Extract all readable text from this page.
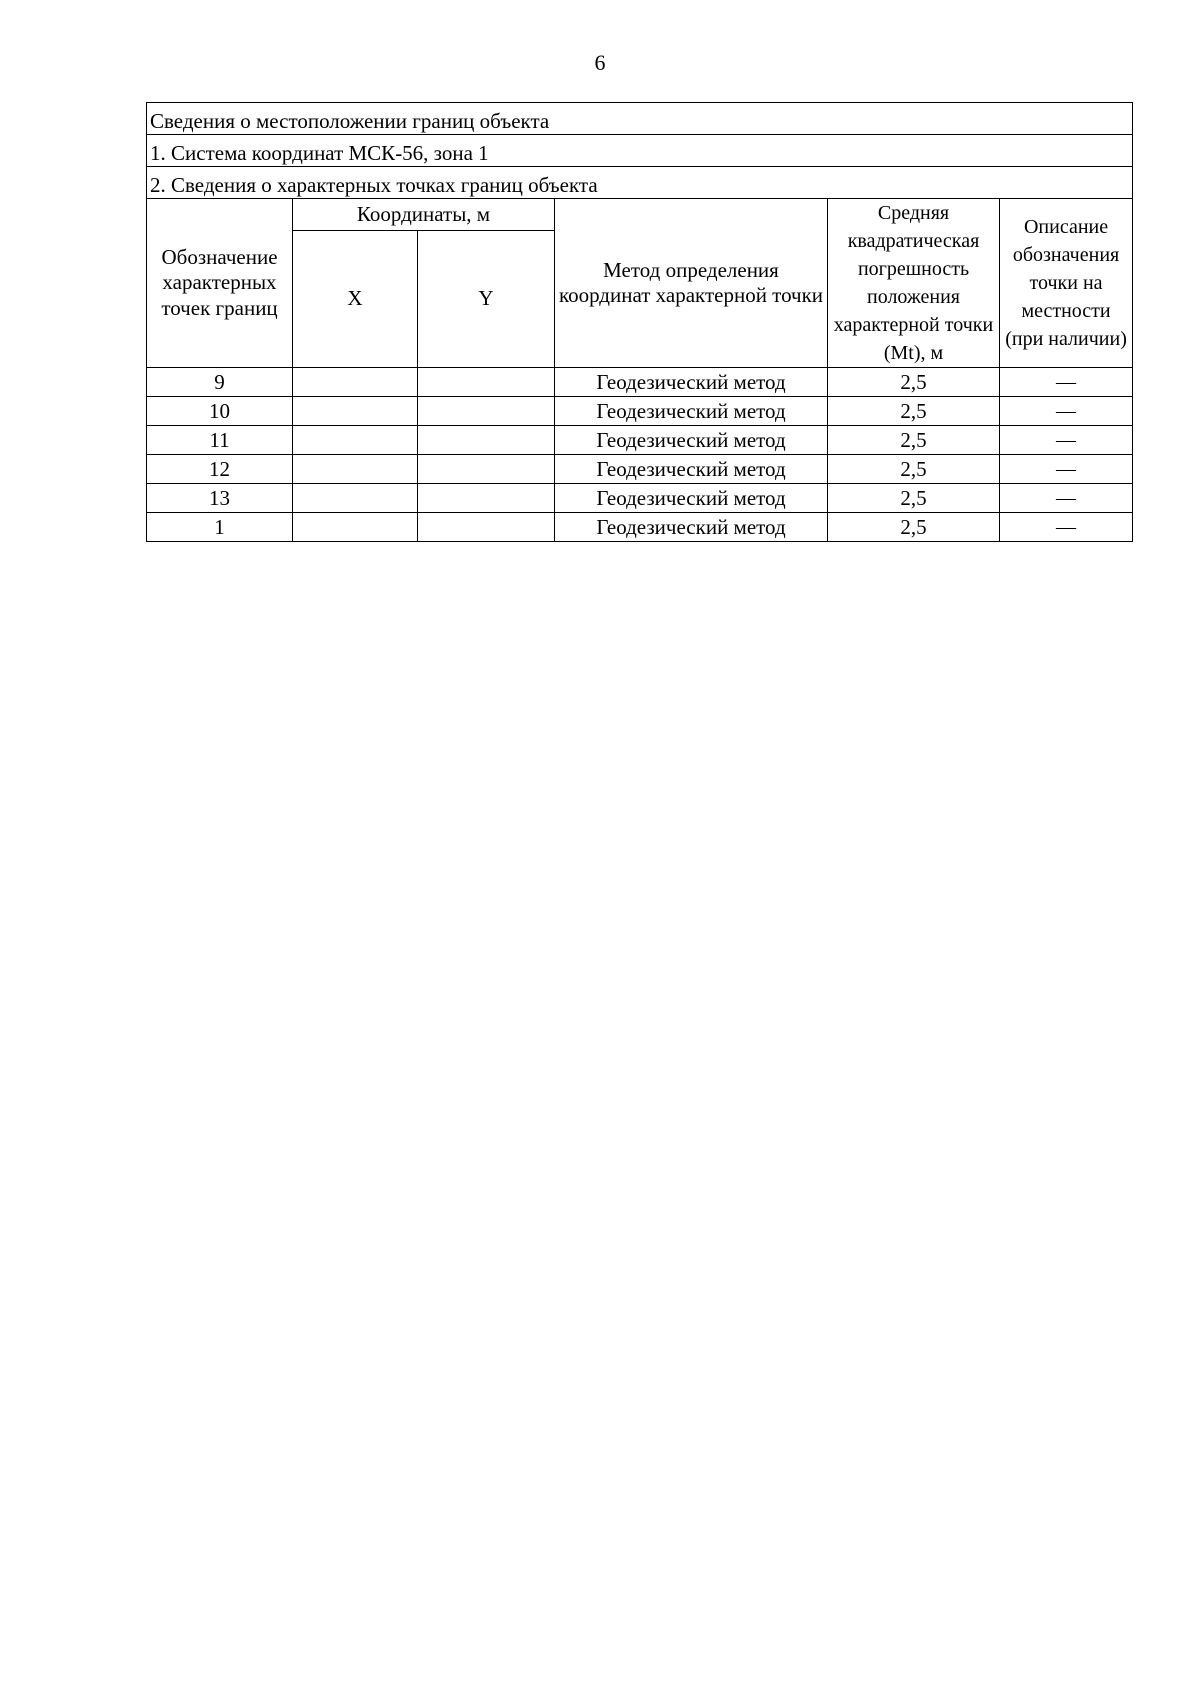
6
Сведения о местоположении границ объекта					
1. Система координат МСК-56, зона 1					
2. Сведения о характерных точках границ объекта					
Обозначение характерных точек границ	Координаты, м		Метод определения координат характерной точки	Средняя квадратическая погрешность положения характерной точки (Mt), м	Описание обозначения точки на местности (при наличии)
	X	Y			
9			Геодезический метод	2,5	—
10			Геодезический метод	2,5	—
11			Геодезический метод	2,5	—
12			Геодезический метод	2,5	—
13			Геодезический метод	2,5	—
1			Геодезический метод	2,5	—
